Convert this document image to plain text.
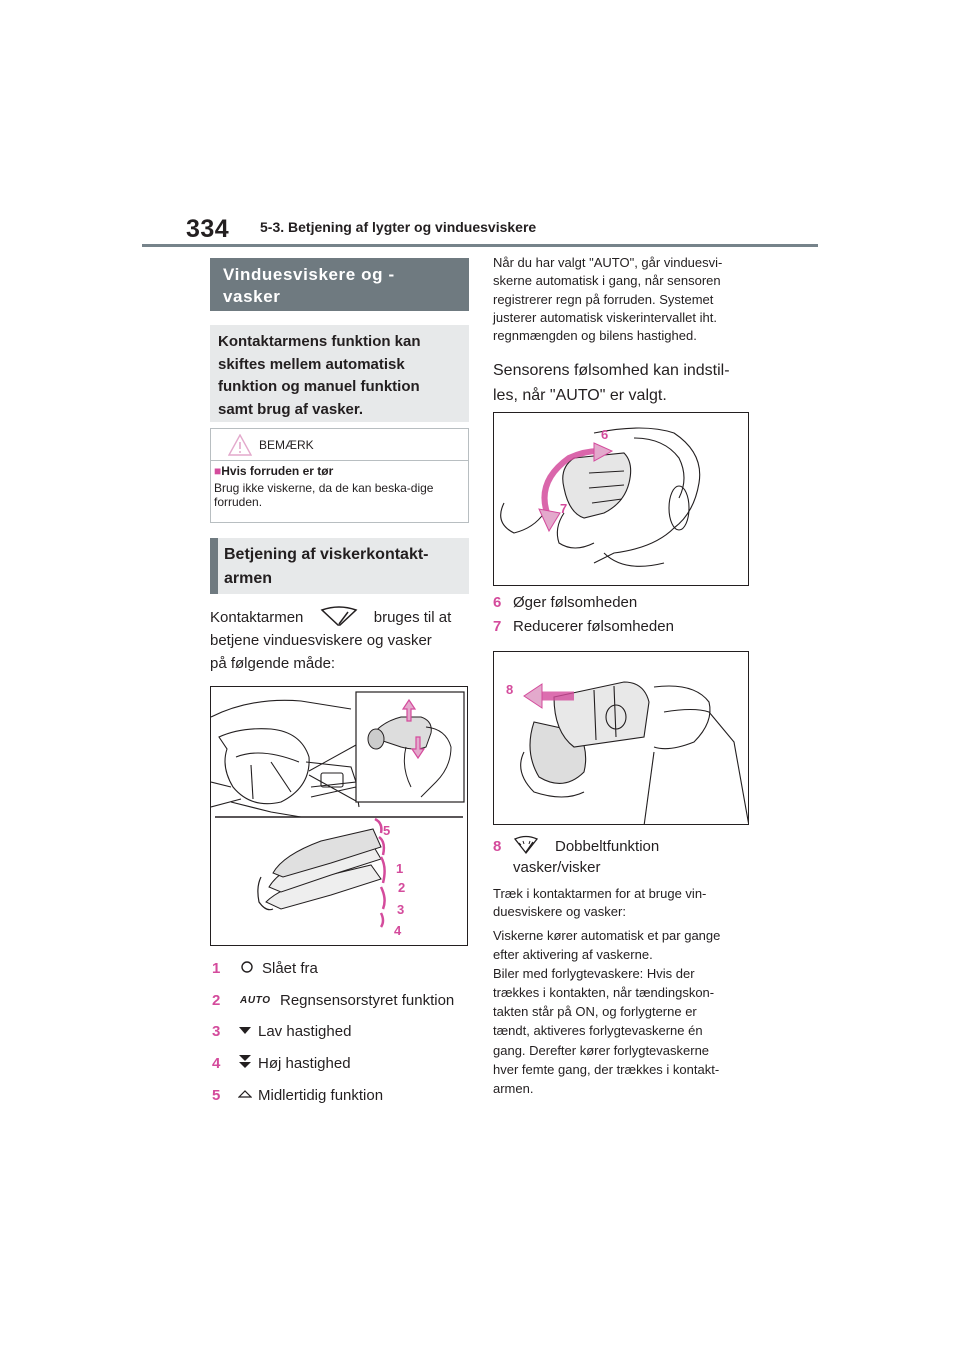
334 5-3. Betjening af lygter og vinduesviskere
Vinduesviskere og -vasker
Kontaktarmens funktion kan skiftes mellem automatisk funktion og manuel funktion samt brug af vasker.
BEMÆRK
■Hvis forruden er tør
Brug ikke viskerne, da de kan beska-dige forruden.
Betjening af viskerkontakt-armen
Kontaktarmen	bruges til at
betjene vinduesviskere og vasker
på følgende måde:
5
1
2
3
4
1	Slået fra
2 AUTO Regnsensorstyret funktion
3	Lav hastighed
4	Høj hastighed
5	Midlertidig funktion
Når du har valgt "AUTO", går vinduesvi-
skerne automatisk i gang, når sensoren
registrerer regn på forruden. Systemet
justerer automatisk viskerintervallet iht.
regnmængden og bilens hastighed.
Sensorens følsomhed kan indstil-
les, når "AUTO" er valgt.
6
7
6 Øger følsomheden
7 Reducerer følsomheden
8
8	Dobbeltfunktion
vasker/visker
Træk i kontaktarmen for at bruge vin-
duesviskere og vasker:
Viskerne kører automatisk et par gange
efter aktivering af vaskerne.
Biler med forlygtevaskere: Hvis der
trækkes i kontakten, når tændingskon-
takten står på ON, og forlygterne er
tændt, aktiveres forlygtevaskerne én
gang. Derefter kører forlygtevaskerne
hver femte gang, der trækkes i kontakt-
armen.
